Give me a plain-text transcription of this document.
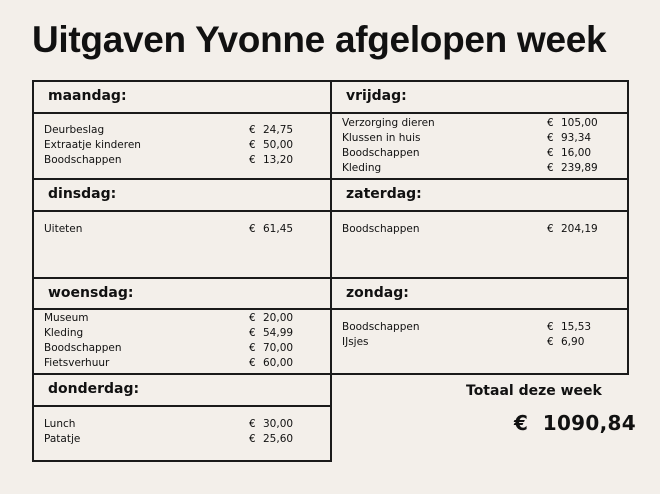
Uitgaven Yvonne afgelopen week
maandag:
Deurbeslag	€ 24,75
Extraatje kinderen	€ 50,00
Boodschappen	€ 13,20
dinsdag:
Uiteten	€ 61,45
woensdag:
Museum	€ 20,00
Kleding	€ 54,99
Boodschappen	€ 70,00
Fietsverhuur	€ 60,00
donderdag:
Lunch	€ 30,00
Patatje	€ 25,60
vrijdag:
Verzorging dieren	€ 105,00
Klussen in huis	€ 93,34
Boodschappen	€ 16,00
Kleding	€ 239,89
zaterdag:
Boodschappen	€ 204,19
zondag:
Boodschappen	€ 15,53
IJsjes	€ 6,90
Totaal deze week
€  1090,84
